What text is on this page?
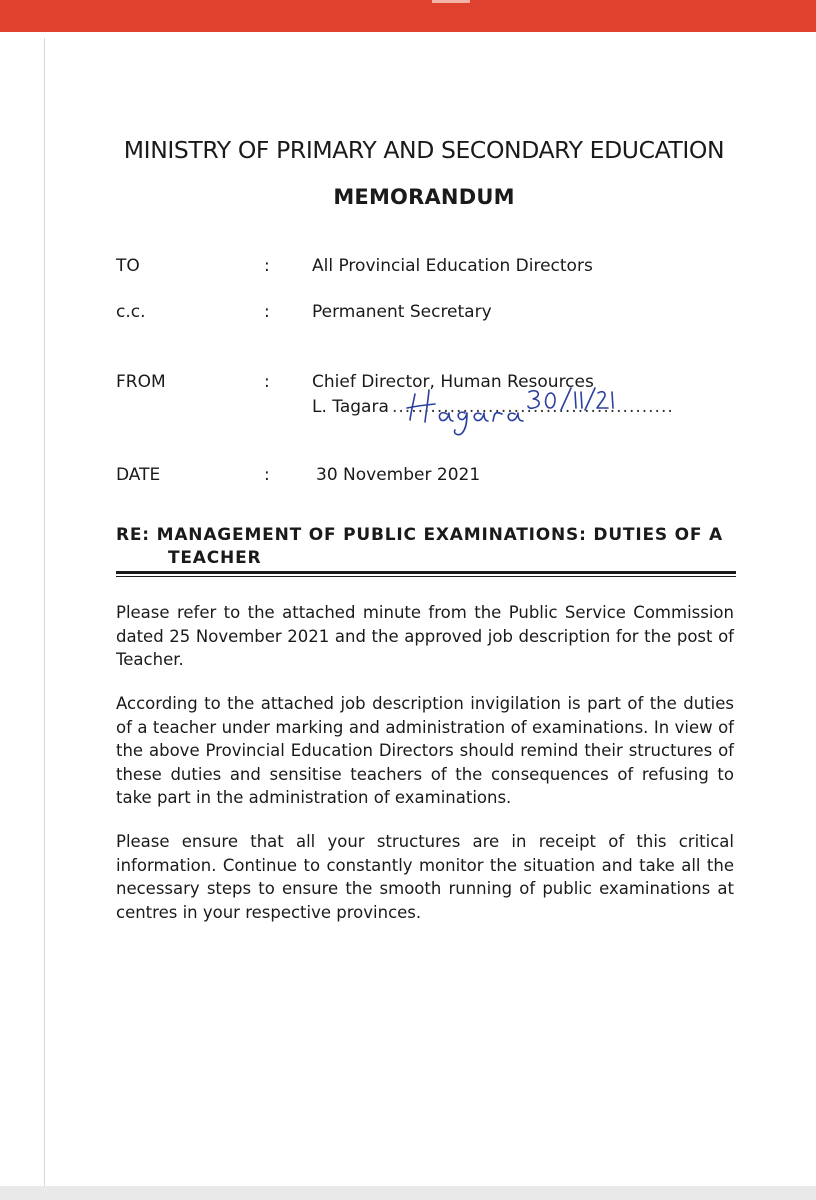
MINISTRY OF PRIMARY AND SECONDARY EDUCATION
MEMORANDUM
TO	: All Provincial Education Directors
c.c.	: Permanent Secretary
FROM	: Chief Director, Human Resources
L. Tagara ............................................
DATE	:	30 November 2021
RE: MANAGEMENT OF PUBLIC EXAMINATIONS: DUTIES OF A
TEACHER
Please refer to the attached minute from the Public Service Commission dated 25 November 2021 and the approved job description for the post of Teacher.
According to the attached job description invigilation is part of the duties of a teacher under marking and administration of examinations. In view of the above Provincial Education Directors should remind their structures of these duties and sensitise teachers of the consequences of refusing to take part in the administration of examinations.
Please ensure that all your structures are in receipt of this critical information. Continue to constantly monitor the situation and take all the necessary steps to ensure the smooth running of public examinations at centres in your respective provinces.
